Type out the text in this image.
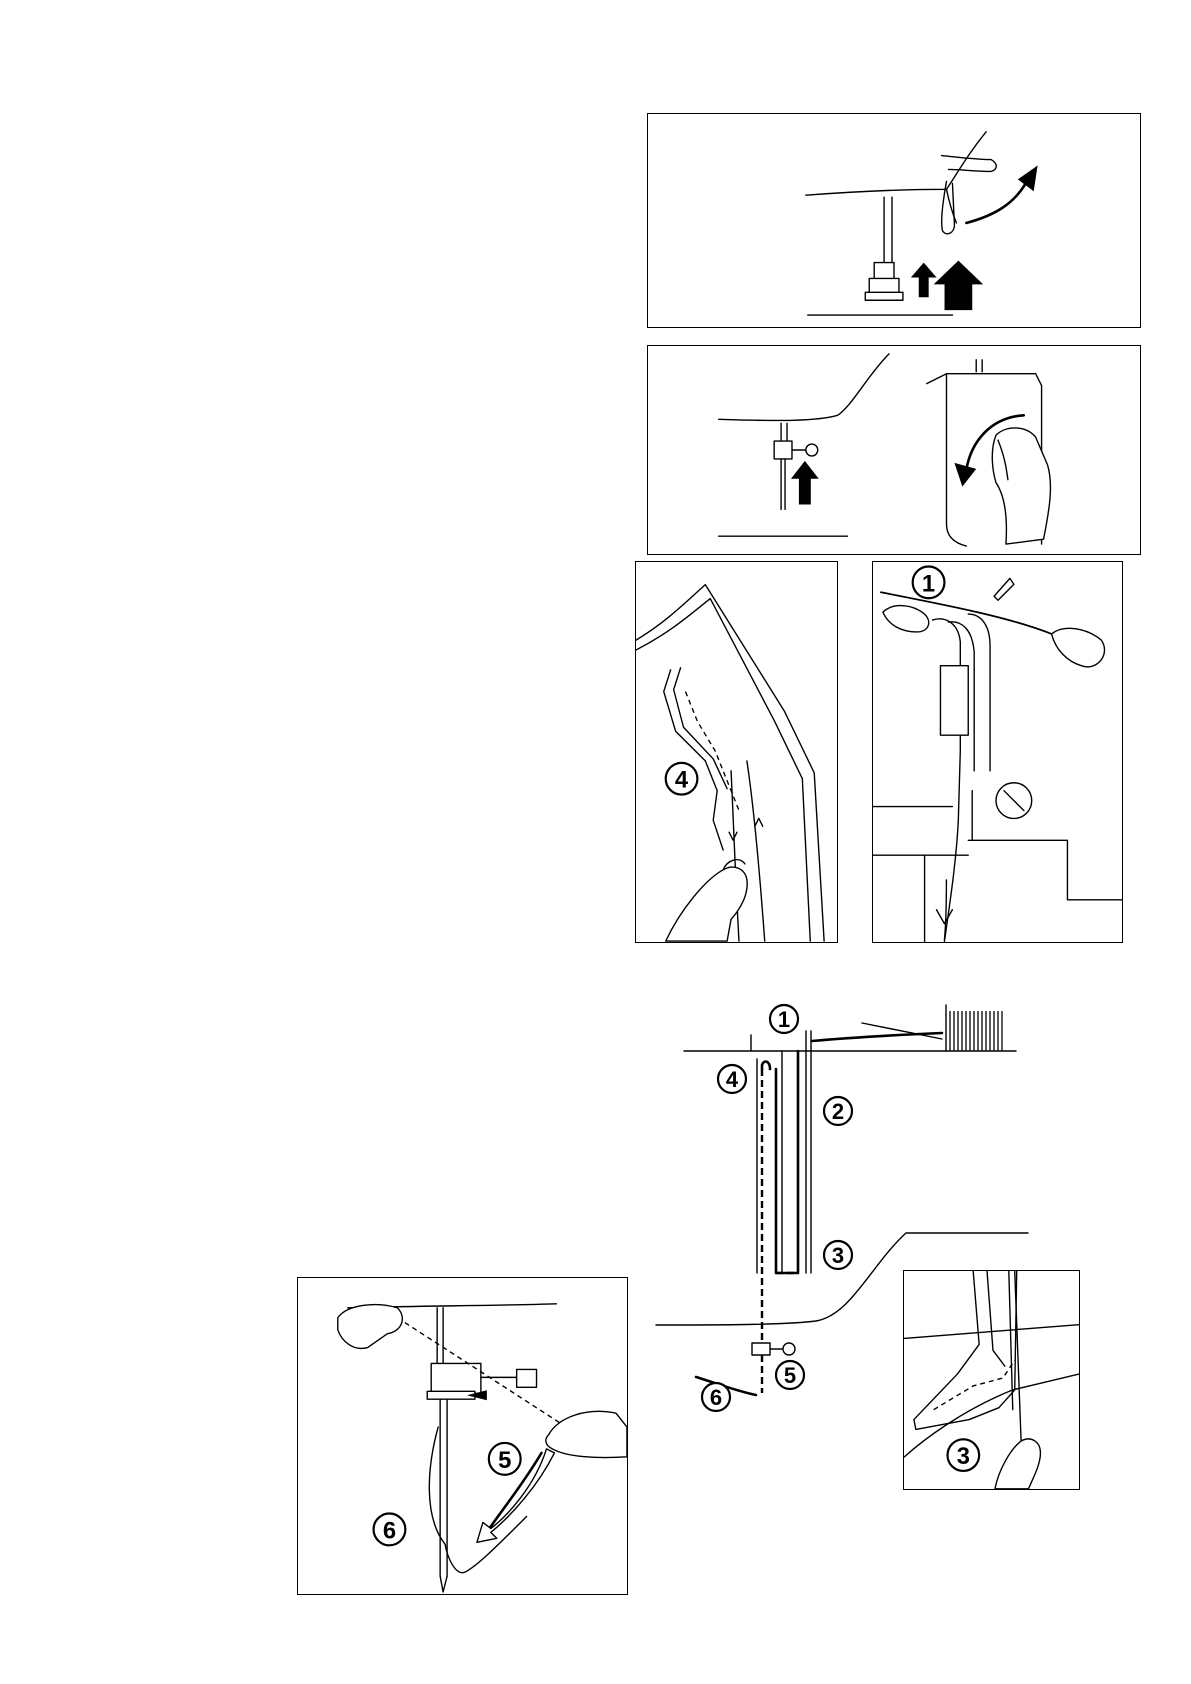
4
1
1
2
3
4
5
6
3
5
6
